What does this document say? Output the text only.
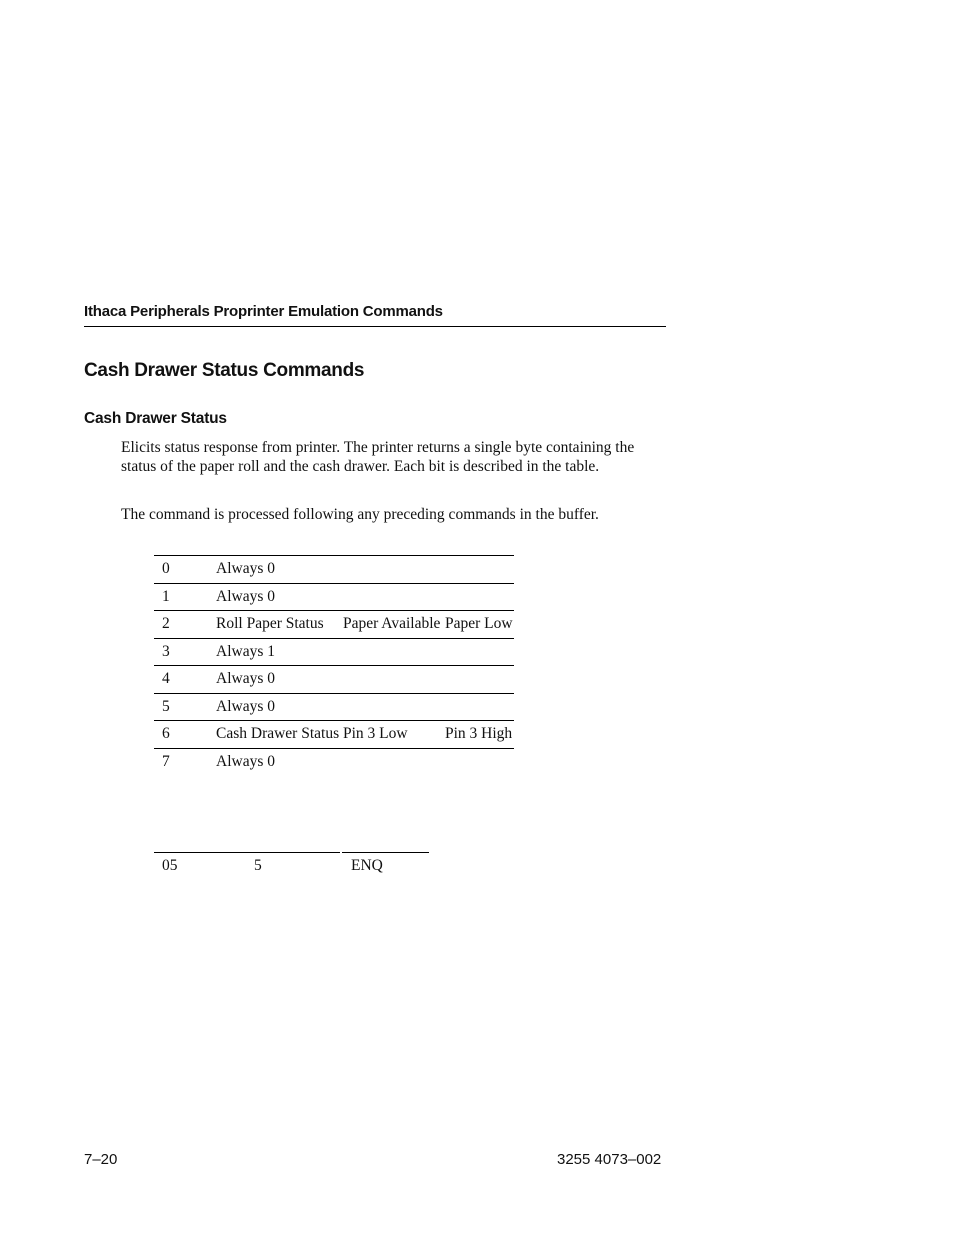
Ithaca Peripherals Proprinter Emulation Commands
Cash Drawer Status Commands
Cash Drawer Status

Elicits status response from printer. The printer returns a single byte containing the status of the paper roll and the cash drawer. Each bit is described in the table.

The command is processed following any preceding commands in the buffer.

0	Always 0		
1	Always 0		
2	Roll Paper Status	Paper Available	Paper Low
3	Always 1		
4	Always 0		
5	Always 0		
6	Cash Drawer Status	Pin 3 Low	Pin 3 High
7	Always 0		
05	5		ENQ
7–20	3255 4073–002
